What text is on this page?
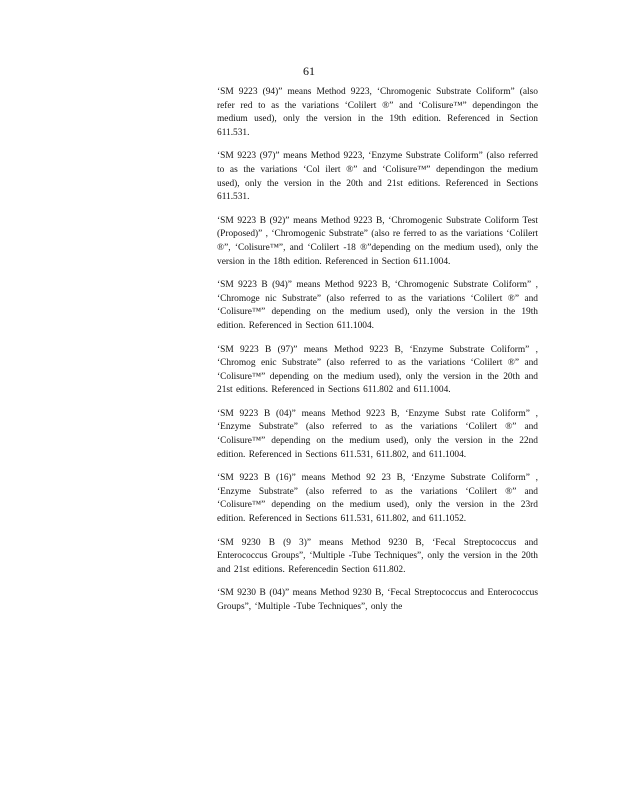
61

‘SM 9223 (94)” means Method 9223, ‘Chromogenic Substrate Coliform” (also refer red to as the variations ‘Colilert ®” and ‘Colisure™” dependingon the medium used), only the version in the 19th edition. Referenced in Section 611.531.

‘SM 9223 (97)” means Method 9223, ‘Enzyme Substrate Coliform” (also referred to as the variations ‘Col ilert ®” and ‘Colisure™” dependingon the medium used), only the version in the 20th and 21st editions. Referenced in Sections 611.531.

‘SM 9223 B (92)” means Method 9223 B, ‘Chromogenic Substrate Coliform Test (Proposed)” , ‘Chromogenic Substrate” (also re ferred to as the variations ‘Colilert ®”, ‘Colisure™”, and ‘Colilert -18 ®”depending on the medium used), only the version in the 18th edition. Referenced in Section 611.1004.

‘SM 9223 B (94)” means Method 9223 B, ‘Chromogenic Substrate Coliform” , ‘Chromoge nic Substrate” (also referred to as the variations ‘Colilert ®” and ‘Colisure™” depending on the medium used), only the version in the 19th edition. Referenced in Section 611.1004.

‘SM 9223 B (97)” means Method 9223 B, ‘Enzyme Substrate Coliform” , ‘Chromog enic Substrate” (also referred to as the variations ‘Colilert ®” and ‘Colisure™” depending on the medium used), only the version in the 20th and 21st editions. Referenced in Sections 611.802 and 611.1004.

‘SM 9223 B (04)” means Method 9223 B, ‘Enzyme Subst rate Coliform” , ‘Enzyme Substrate” (also referred to as the variations ‘Colilert ®” and ‘Colisure™” depending on the medium used), only the version in the 22nd edition. Referenced in Sections 611.531, 611.802, and 611.1004.

‘SM 9223 B (16)” means Method 92 23 B, ‘Enzyme Substrate Coliform” , ‘Enzyme Substrate” (also referred to as the variations ‘Colilert ®” and ‘Colisure™” depending on the medium used), only the version in the 23rd edition. Referenced in Sections 611.531, 611.802, and 611.1052.

‘SM 9230 B (9 3)” means Method 9230 B, ‘Fecal Streptococcus and Enterococcus Groups”, ‘Multiple -Tube Techniques”, only the version in the 20th and 21st editions. Referencedin Section 611.802.

‘SM 9230 B (04)” means Method 9230 B, ‘Fecal Streptococcus and Enterococcus Groups”, ‘Multiple -Tube Techniques”, only the
